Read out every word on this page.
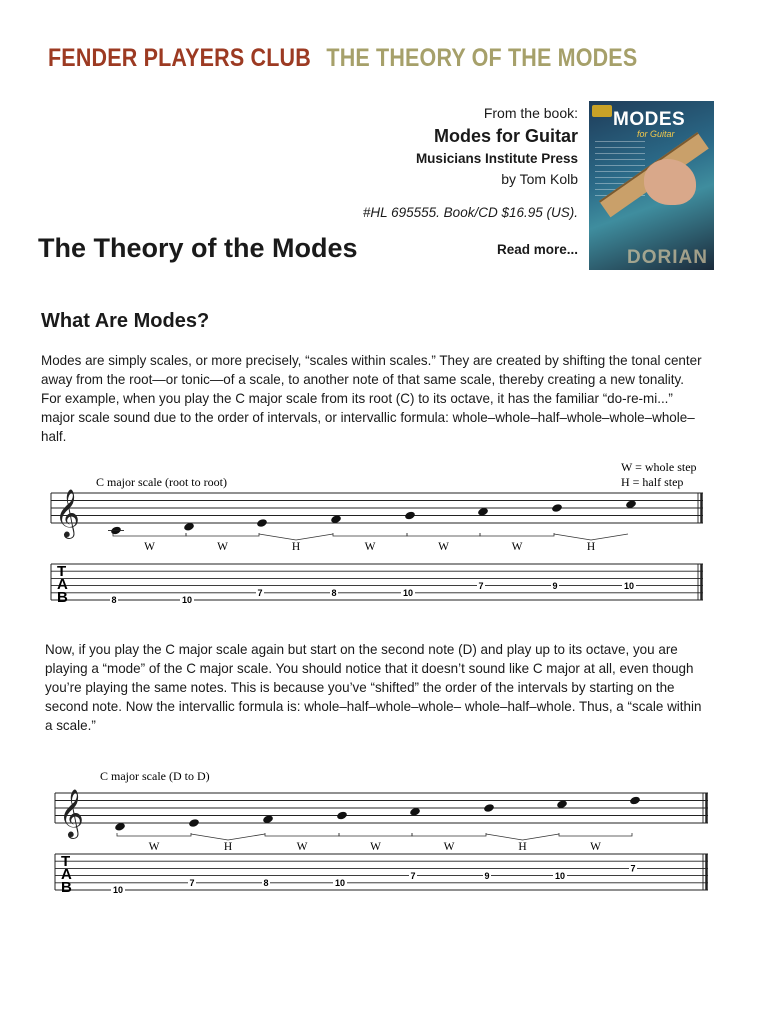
FENDER PLAYERS CLUB THE THEORY OF THE MODES
From the book:
Modes for Guitar
Musicians Institute Press
by Tom Kolb
#HL 695555. Book/CD $16.95 (US).
Read more...
MODES
for Guitar
DORIAN
The Theory of the Modes
What Are Modes?

Modes are simply scales, or more precisely, “scales within scales.” They are created by shifting the tonal center away from the root—or tonic—of a scale, to another note of that same scale, thereby creating a new tonality. For example, when you play the C major scale from its root (C) to its octave, it has the familiar “do-re-mi...” major scale sound due to the order of intervals, or intervallic formula: whole–whole–half–whole–whole–whole–half.

Now, if you play the C major scale again but start on the second note (D) and play up to its octave, you are playing a “mode” of the C major scale. You should notice that it doesn’t sound like C major at all, even though you’re playing the same notes. This is because you’ve “shifted” the order of the intervals by starting on the second note. Now the intervallic formula is: whole–half–whole–whole– whole–half–whole. Thus, a “scale within a scale.”

C major scale (root to root)
W = whole step
H = half step
𝄞
W	W	H	W	W	W	H
T
A
B	8	10
7	8	10
7	9	10
C major scale (D to D)
𝄞
W	H	W	W	W	H	W
T
A
B	10
7	8	10
7	9	10
7
